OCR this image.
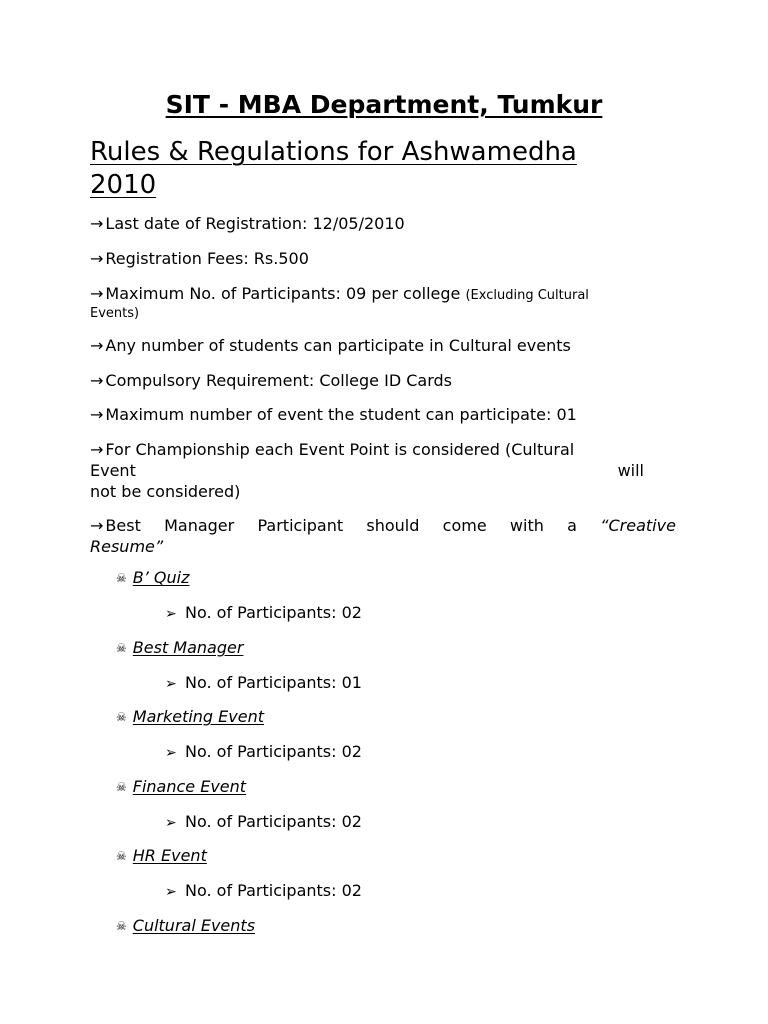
SIT - MBA Department, Tumkur
Rules & Regulations for Ashwamedha 2010
→ Last date of Registration: 12/05/2010
→ Registration Fees: Rs.500
→ Maximum No. of Participants: 09 per college (Excluding Cultural
Events)
→ Any number of students can participate in Cultural events
→ Compulsory Requirement: College ID Cards
→ Maximum number of event the student can participate: 01
→ For Championship each Event Point is considered (Cultural
Event	will
not be considered)
→ Best Manager Participant should come with a “Creative
Resume”
☠ B’ Quiz
➢ No. of Participants: 02
☠ Best Manager
➢ No. of Participants: 01
☠ Marketing Event
➢ No. of Participants: 02
☠ Finance Event
➢ No. of Participants: 02
☠ HR Event
➢ No. of Participants: 02
☠ Cultural Events
